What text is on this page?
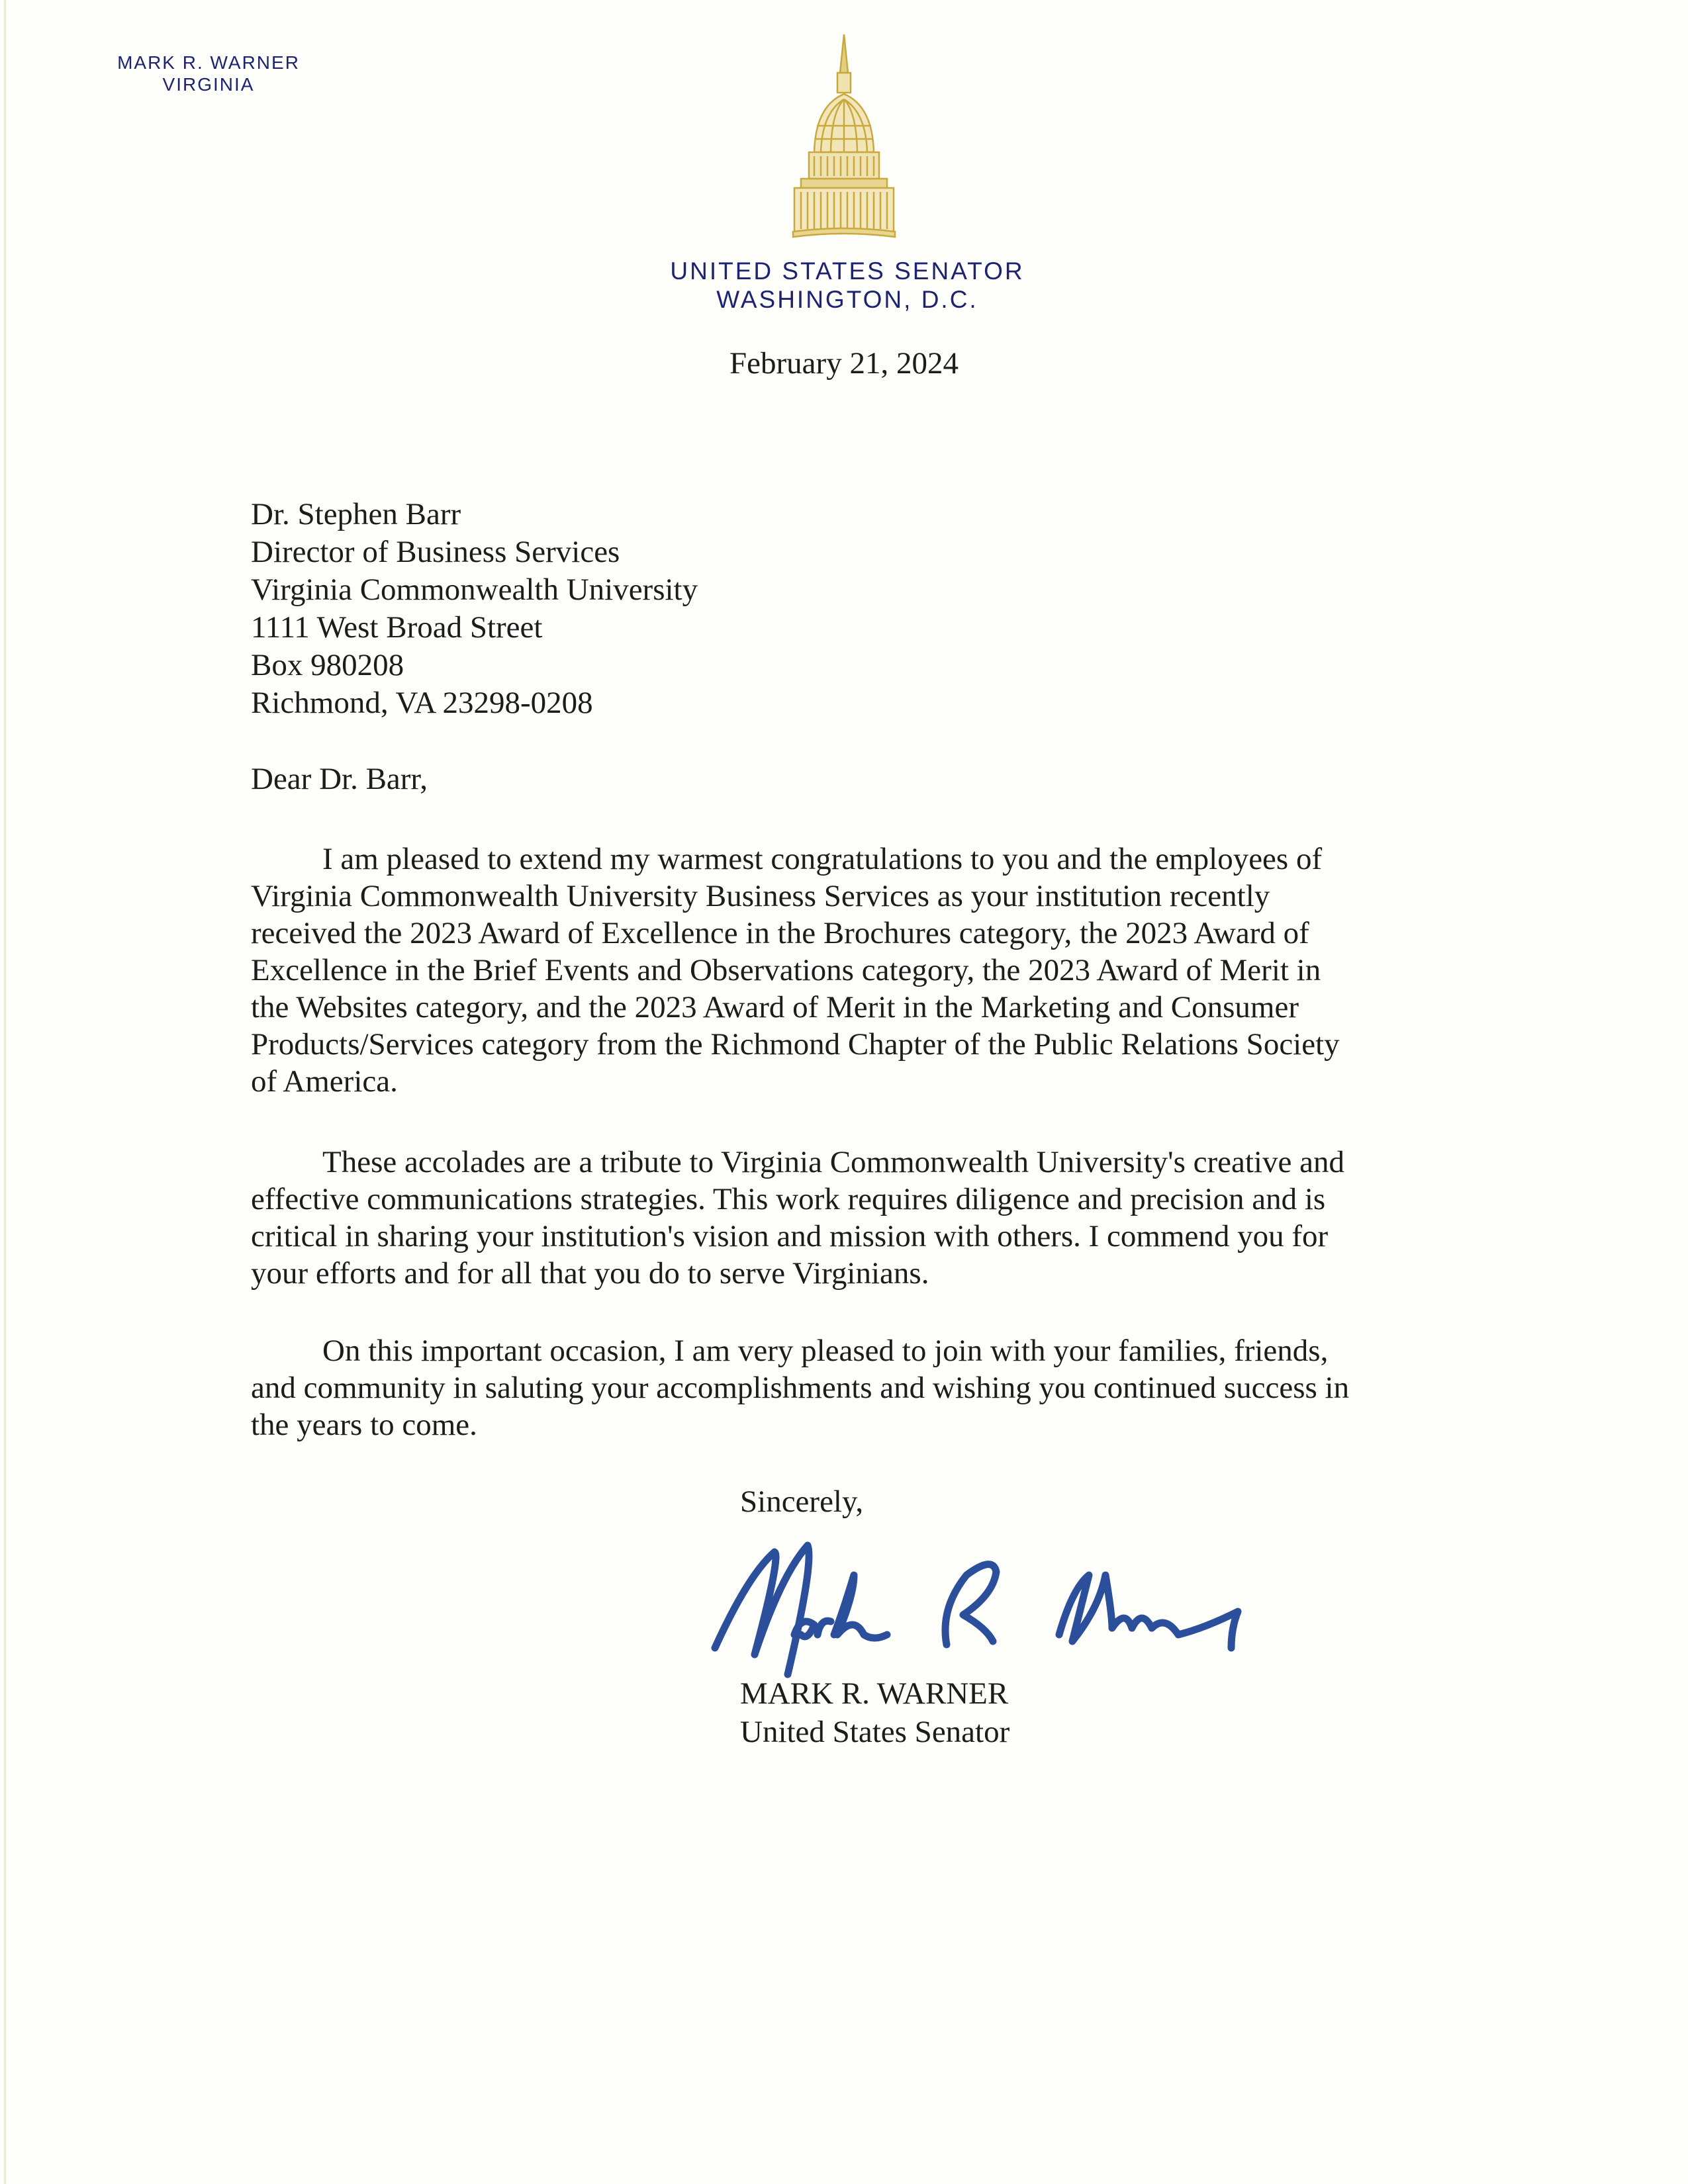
MARK R. WARNER
VIRGINIA
UNITED STATES SENATOR
WASHINGTON, D.C.
February 21, 2024
Dr. Stephen Barr
Director of Business Services
Virginia Commonwealth University
1111 West Broad Street
Box 980208
Richmond, VA 23298-0208
Dear Dr. Barr,
I am pleased to extend my warmest congratulations to you and the employees of
Virginia Commonwealth University Business Services as your institution recently
received the 2023 Award of Excellence in the Brochures category, the 2023 Award of
Excellence in the Brief Events and Observations category, the 2023 Award of Merit in
the Websites category, and the 2023 Award of Merit in the Marketing and Consumer
Products/Services category from the Richmond Chapter of the Public Relations Society
of America.
These accolades are a tribute to Virginia Commonwealth University's creative and
effective communications strategies. This work requires diligence and precision and is
critical in sharing your institution's vision and mission with others. I commend you for
your efforts and for all that you do to serve Virginians.
On this important occasion, I am very pleased to join with your families, friends,
and community in saluting your accomplishments and wishing you continued success in
the years to come.
Sincerely,
MARK R. WARNER
United States Senator
